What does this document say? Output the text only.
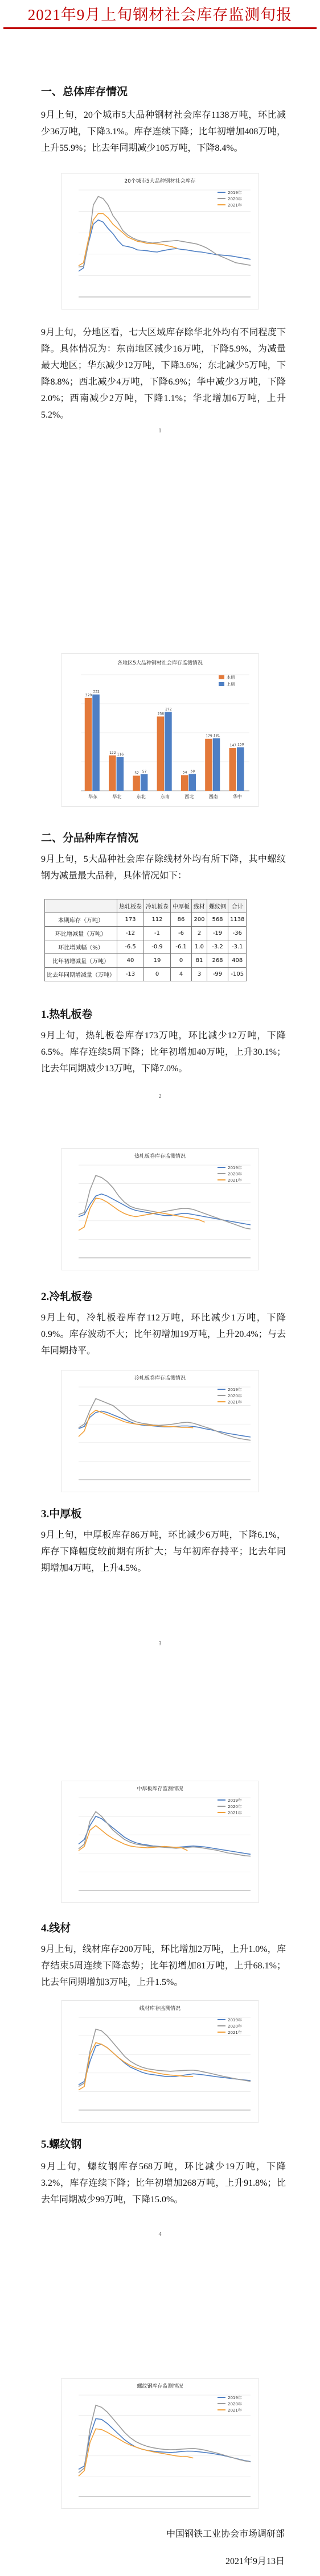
2021年9月上旬钢材社会库存监测旬报
一、总体库存情况
9月上旬，20个城市5大品种钢材社会库存1138万吨，环比减少36万吨，下降3.1%。库存连续下降；比年初增加408万吨，上升55.9%；比去年同期减少105万吨，下降8.4%。
20个城市5大品种钢材社会库存
2019年
2020年
2021年
9月上旬，分地区看，七大区域库存除华北外均有不同程度下降。具体情况为：东南地区减少16万吨，下降5.9%，为减量最大地区；华东减少12万吨，下降3.6%；东北减少5万吨，下降8.8%；西北减少4万吨，下降6.9%；华中减少3万吨，下降2.0%；西南减少2万吨，下降1.1%；华北增加6万吨，上升5.2%。
1
各地区5大品种钢材社会库存监测情况
320
332
华东
122 116
华北
52 57
东北
256
272
东南
54 58
西北
179 181
西南
147 150
华中
本期
上期
二、分品种库存情况
9月上旬，5大品种社会库存除线材外均有所下降，其中螺纹钢为减量最大品种，具体情况如下：
	热轧板卷	冷轧板卷	中厚板	线材	螺纹钢	合计
本期库存（万吨）	173	112	86	200	568	1138
环比增减量（万吨）	-12	-1	-6	2	-19	-36
环比增减幅（%）	-6.5	-0.9	-6.1	1.0	-3.2	-3.1
比年初增减量（万吨）	40	19	0	81	268	408
比去年同期增减量（万吨）	-13	0	4	3	-99	-105
1.热轧板卷
9月上旬，热轧板卷库存173万吨，环比减少12万吨，下降6.5%。库存连续5周下降；比年初增加40万吨，上升30.1%；比去年同期减少13万吨，下降7.0%。
2
热轧板卷库存监测情况
2019年
2020年
2021年
2.冷轧板卷
9月上旬，冷轧板卷库存112万吨，环比减少1万吨，下降0.9%。库存波动不大；比年初增加19万吨，上升20.4%；与去年同期持平。
冷轧板卷库存监测情况
2019年
2020年
2021年
3.中厚板
9月上旬，中厚板库存86万吨，环比减少6万吨，下降6.1%，库存下降幅度较前期有所扩大；与年初库存持平；比去年同期增加4万吨，上升4.5%。
3
中厚板库存监测情况
2019年
2020年
2021年
4.线材
9月上旬，线材库存200万吨，环比增加2万吨，上升1.0%，库存结束5周连续下降态势；比年初增加81万吨，上升68.1%；比去年同期增加3万吨，上升1.5%。
线材库存监测情况
2019年
2020年
2021年
5.螺纹钢
9月上旬，螺纹钢库存568万吨，环比减少19万吨，下降3.2%，库存连续下降；比年初增加268万吨，上升91.8%；比去年同期减少99万吨，下降15.0%。
4
螺纹钢库存监测情况
2019年
2020年
2021年
中国钢铁工业协会市场调研部
2021年9月13日
